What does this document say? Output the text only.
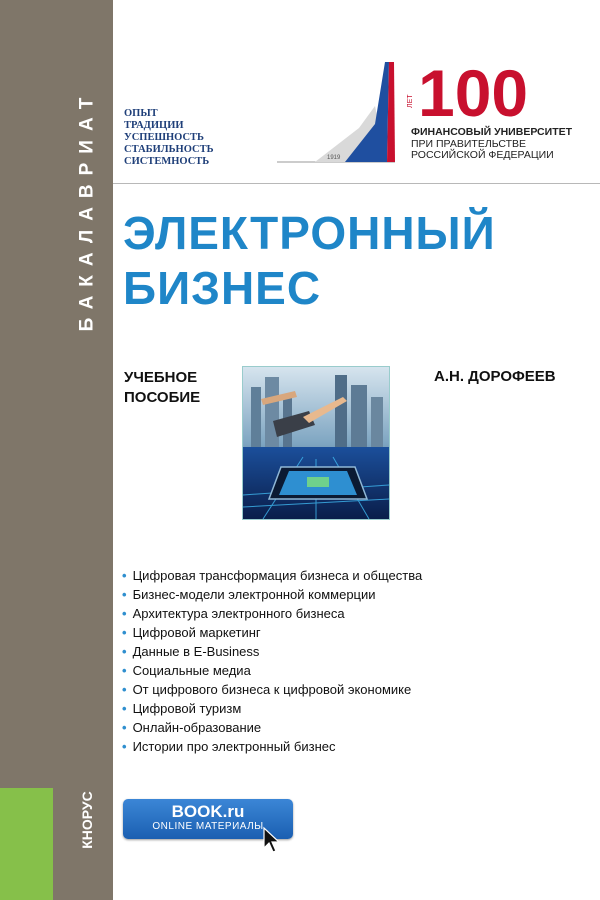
БАКАЛАВРИАТ
КНОРУС
ОПЫТ
ТРАДИЦИИ
УСПЕШНОСТЬ
СТАБИЛЬНОСТЬ
СИСТЕМНОСТЬ	1919
ЛЕТ 100
ФИНАНСОВЫЙ УНИВЕРСИТЕТ
ПРИ ПРАВИТЕЛЬСТВЕ
РОССИЙСКОЙ ФЕДЕРАЦИИ
ЭЛЕКТРОННЫЙ
БИЗНЕС
УЧЕБНОЕ
ПОСОБИЕ
А.Н. ДОРОФЕЕВ
• Цифровая трансформация бизнеса и общества
• Бизнес-модели электронной коммерции
• Архитектура электронного бизнеса
• Цифровой маркетинг
• Данные в E-Business
• Социальные медиа
• От цифрового бизнеса к цифровой экономике
• Цифровой туризм
• Онлайн-образование
• Истории про электронный бизнес
BOOK.ru
ONLINE МАТЕРИАЛЫ
